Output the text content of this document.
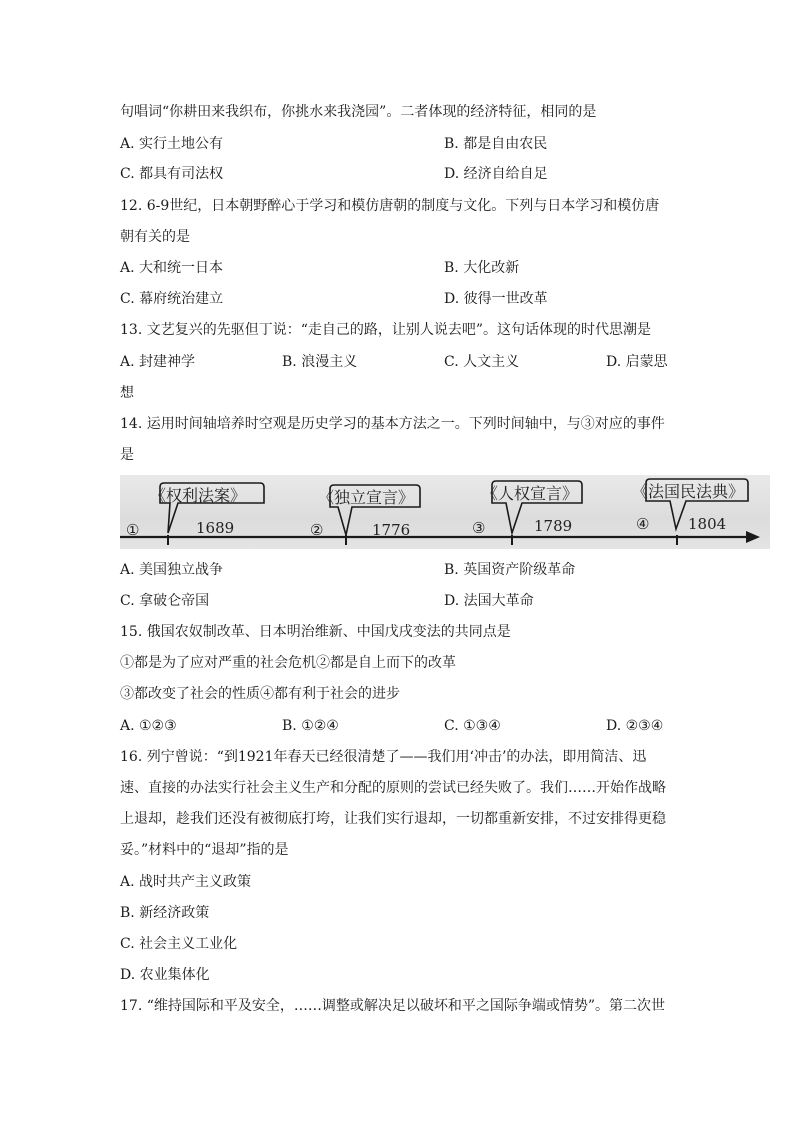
句唱词“你耕田来我织布，你挑水来我浇园”。二者体现的经济特征，相同的是
A. 实行土地公有	B. 都是自由农民
C. 都具有司法权	D. 经济自给自足
12. 6-9世纪，日本朝野醉心于学习和模仿唐朝的制度与文化。下列与日本学习和模仿唐
朝有关的是
A. 大和统一日本	B. 大化改新
C. 幕府统治建立	D. 彼得一世改革
13. 文艺复兴的先驱但丁说：“走自己的路，让别人说去吧”。这句话体现的时代思潮是
A. 封建神学	B. 浪漫主义	C. 人文主义	D. 启蒙思
想
14. 运用时间轴培养时空观是历史学习的基本方法之一。下列时间轴中，与③对应的事件
是
①
《权利法案》
1689	②
《独立宣言》
1776	③
《人权宣言》
1789	④
《法国民法典》
1804
A. 美国独立战争	B. 英国资产阶级革命
C. 拿破仑帝国	D. 法国大革命
15. 俄国农奴制改革、日本明治维新、中国戊戌变法的共同点是
①都是为了应对严重的社会危机②都是自上而下的改革
③都改变了社会的性质④都有利于社会的进步
A. ①②③	B. ①②④	C. ①③④	D. ②③④
16. 列宁曾说：“到1921年春天已经很清楚了——我们用‘冲击’的办法，即用简洁、迅
速、直接的办法实行社会主义生产和分配的原则的尝试已经失败了。我们……开始作战略
上退却，趁我们还没有被彻底打垮，让我们实行退却，一切都重新安排，不过安排得更稳
妥。”材料中的“退却”指的是
A. 战时共产主义政策
B. 新经济政策
C. 社会主义工业化
D. 农业集体化
17. “维持国际和平及安全，……调整或解决足以破坏和平之国际争端或情势”。第二次世
